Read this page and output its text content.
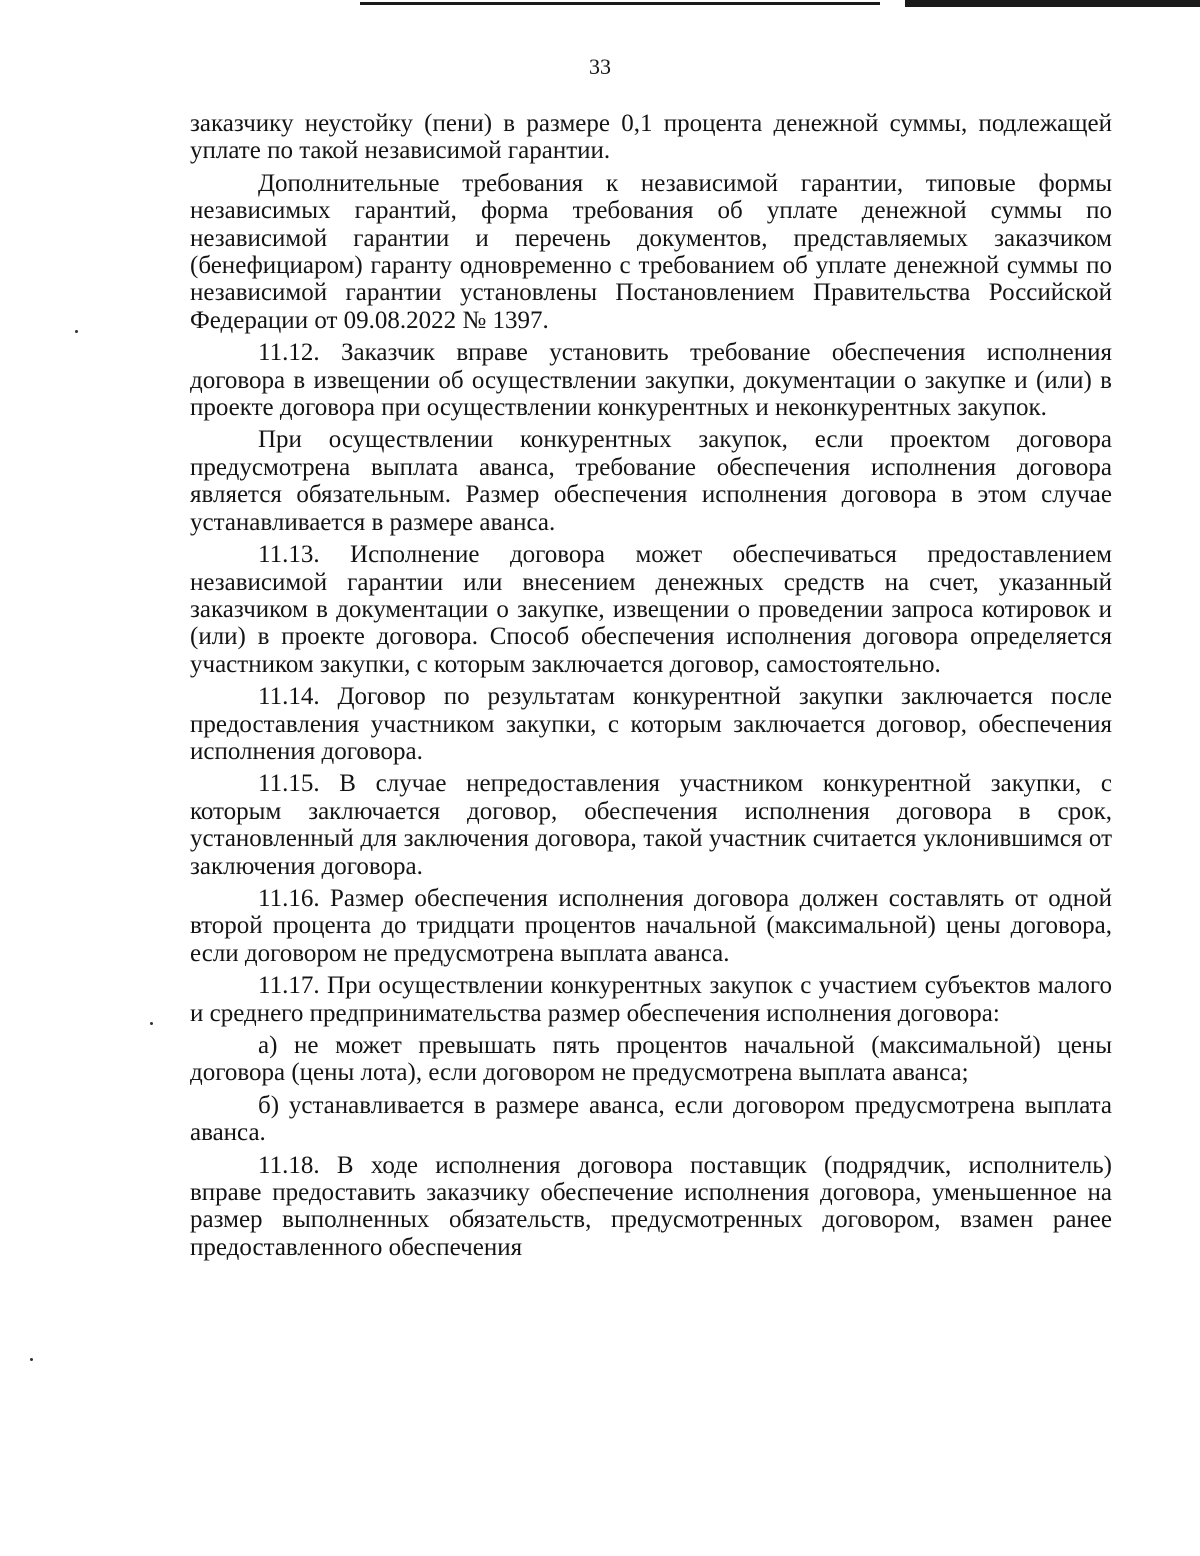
33

заказчику неустойку (пени) в размере 0,1 процента денежной суммы, подлежащей уплате по такой независимой гарантии.

Дополнительные требования к независимой гарантии, типовые формы независимых гарантий, форма требования об уплате денежной суммы по независимой гарантии и перечень документов, представляемых заказчиком (бенефициаром) гаранту одновременно с требованием об уплате денежной суммы по независимой гарантии установлены Постановлением Правительства Российской Федерации от 09.08.2022 № 1397.

11.12. Заказчик вправе установить требование обеспечения исполнения договора в извещении об осуществлении закупки, документации о закупке и (или) в проекте договора при осуществлении конкурентных и неконкурентных закупок.

При осуществлении конкурентных закупок, если проектом договора предусмотрена выплата аванса, требование обеспечения исполнения договора является обязательным. Размер обеспечения исполнения договора в этом случае устанавливается в размере аванса.

11.13. Исполнение договора может обеспечиваться предоставлением независимой гарантии или внесением денежных средств на счет, указанный заказчиком в документации о закупке, извещении о проведении запроса котировок и (или) в проекте договора. Способ обеспечения исполнения договора определяется участником закупки, с которым заключается договор, самостоятельно.

11.14. Договор по результатам конкурентной закупки заключается после предоставления участником закупки, с которым заключается договор, обеспечения исполнения договора.

11.15. В случае непредоставления участником конкурентной закупки, с которым заключается договор, обеспечения исполнения договора в срок, установленный для заключения договора, такой участник считается уклонившимся от заключения договора.

11.16. Размер обеспечения исполнения договора должен составлять от одной второй процента до тридцати процентов начальной (максимальной) цены договора, если договором не предусмотрена выплата аванса.

11.17. При осуществлении конкурентных закупок с участием субъектов малого и среднего предпринимательства размер обеспечения исполнения договора:

а) не может превышать пять процентов начальной (максимальной) цены договора (цены лота), если договором не предусмотрена выплата аванса;

б) устанавливается в размере аванса, если договором предусмотрена выплата аванса.

11.18. В ходе исполнения договора поставщик (подрядчик, исполнитель) вправе предоставить заказчику обеспечение исполнения договора, уменьшенное на размер выполненных обязательств, предусмотренных договором, взамен ранее предоставленного обеспечения
